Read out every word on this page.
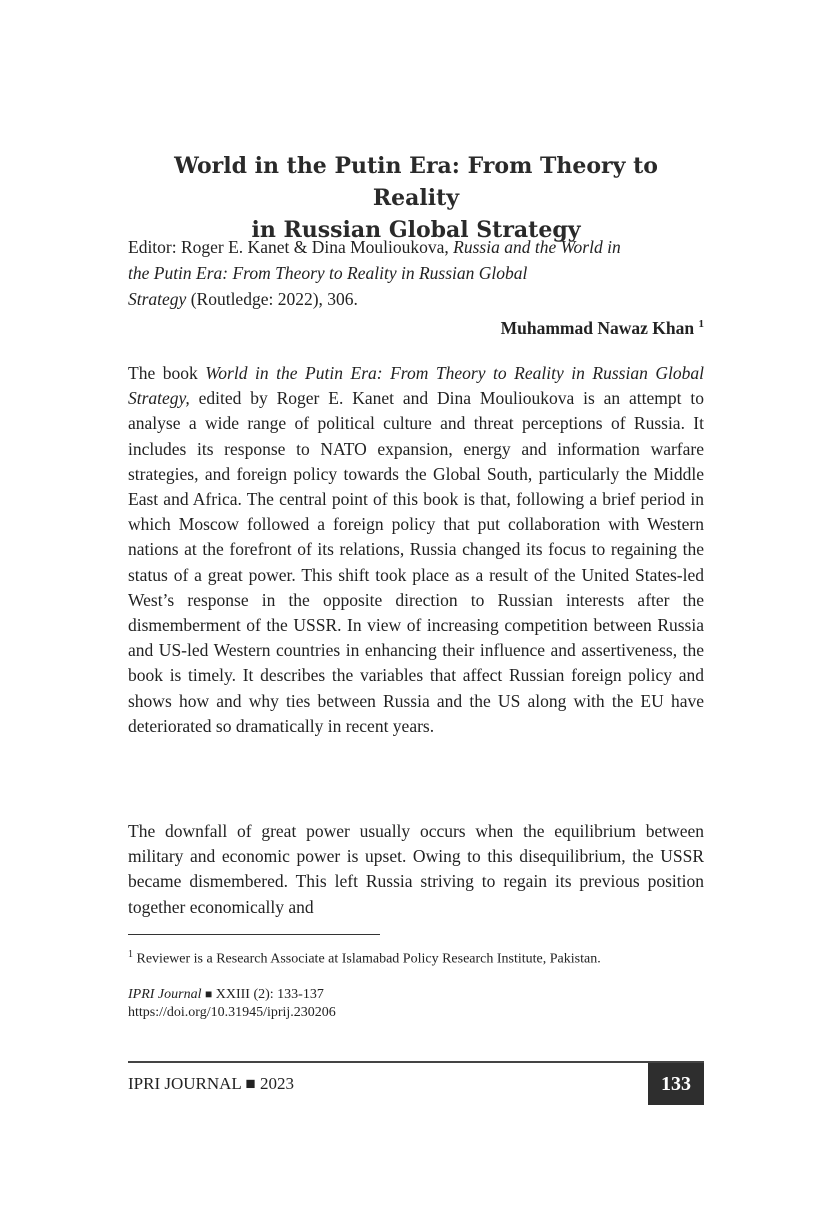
World in the Putin Era: From Theory to Reality
in Russian Global Strategy
Editor: Roger E. Kanet & Dina Moulioukova, Russia and the World in
the Putin Era: From Theory to Reality in Russian Global
Strategy (Routledge: 2022), 306.
Muhammad Nawaz Khan $^1$

The book World in the Putin Era: From Theory to Reality in Russian Global Strategy, edited by Roger E. Kanet and Dina Moulioukova is an attempt to analyse a wide range of political culture and threat perceptions of Russia. It includes its response to NATO expansion, energy and information warfare strategies, and foreign policy towards the Global South, particularly the Middle East and Africa. The central point of this book is that, following a brief period in which Moscow followed a foreign policy that put collaboration with Western nations at the forefront of its relations, Russia changed its focus to regaining the status of a great power. This shift took place as a result of the United States-led West’s response in the opposite direction to Russian interests after the dismemberment of the USSR. In view of increasing competition between Russia and US-led Western countries in enhancing their influence and assertiveness, the book is timely. It describes the variables that affect Russian foreign policy and shows how and why ties between Russia and the US along with the EU have deteriorated so dramatically in recent years.

The downfall of great power usually occurs when the equilibrium between military and economic power is upset. Owing to this disequilibrium, the USSR became dismembered. This left Russia striving to regain its previous position together economically and

$^1$ Reviewer is a Research Associate at Islamabad Policy Research Institute, Pakistan.
IPRI Journal ■ XXIII (2): 133-137
https://doi.org/10.31945/iprij.230206
IPRI JOURNAL ■ 2023	133
